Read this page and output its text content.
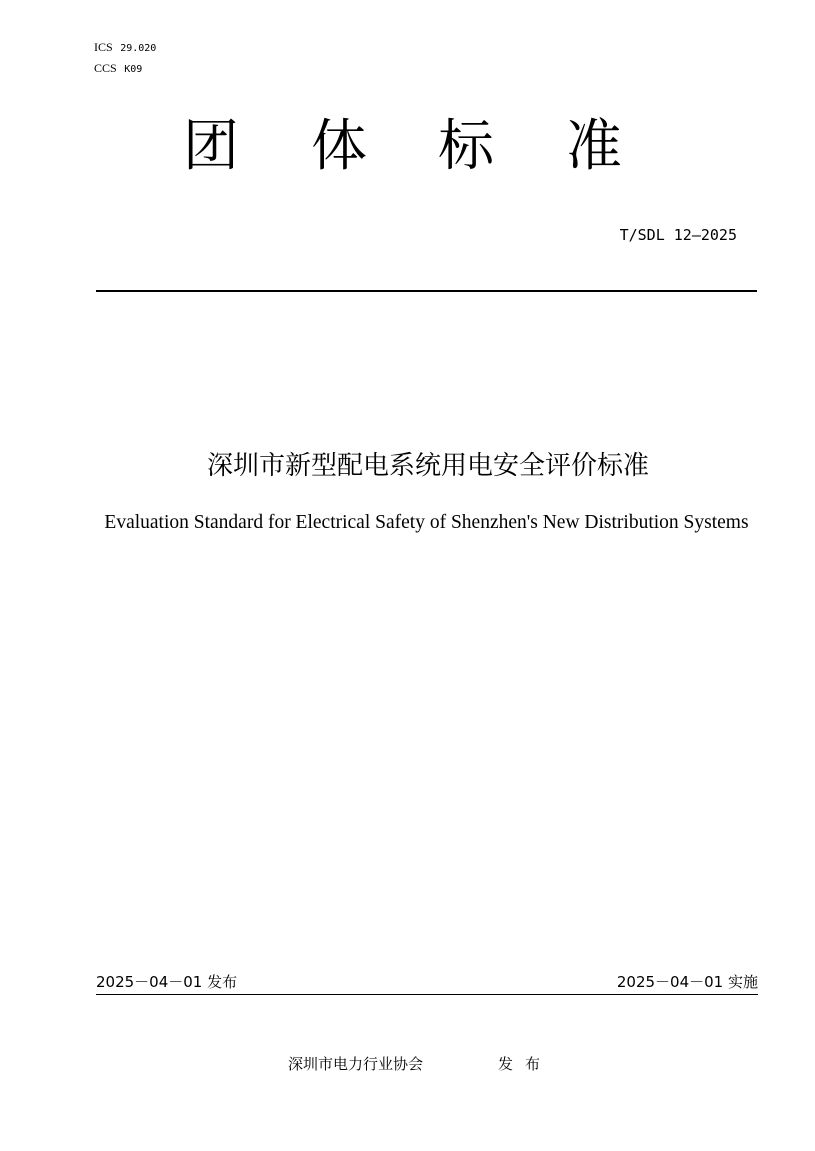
ICS 29.020
CCS K09
团 体 标 准
T/SDL 12—2025
深圳市新型配电系统用电安全评价标准
Evaluation Standard for Electrical Safety of Shenzhen's New Distribution Systems
2025－04－01 发布	2025－04－01 实施
深圳市电力行业协会	发布
